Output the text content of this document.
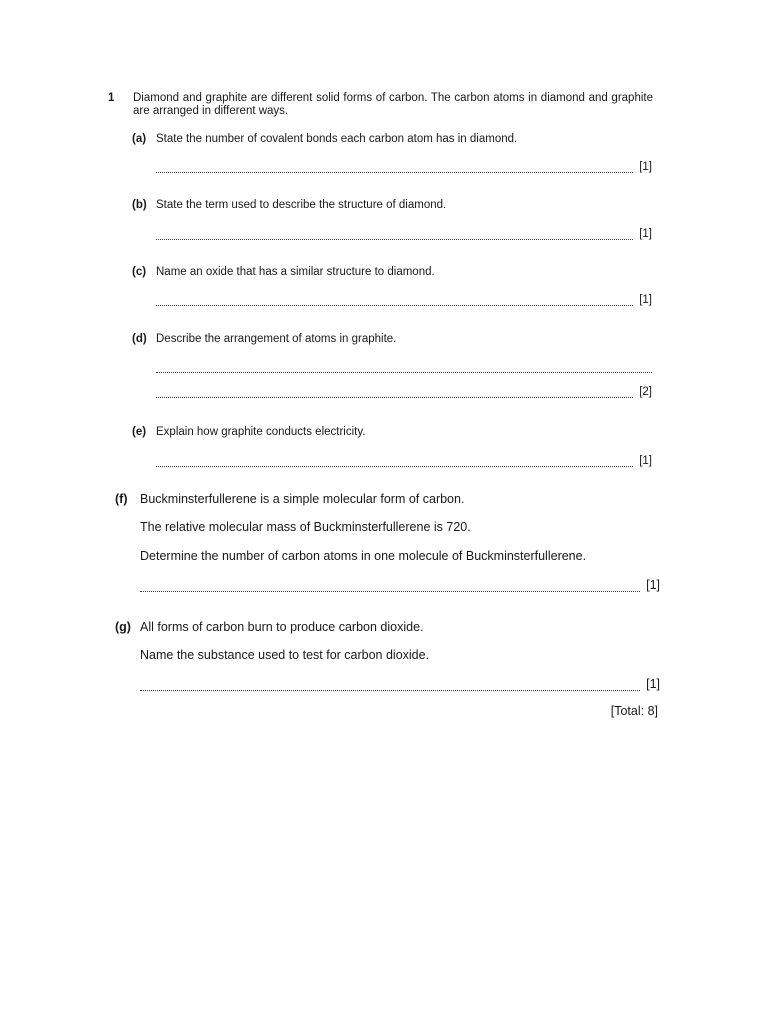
1 Diamond and graphite are different solid forms of carbon. The carbon atoms in diamond and graphite are arranged in different ways.
(a) State the number of covalent bonds each carbon atom has in diamond.
[1]
(b) State the term used to describe the structure of diamond.
[1]
(c) Name an oxide that has a similar structure to diamond.
[1]
(d) Describe the arrangement of atoms in graphite.
[2]
(e) Explain how graphite conducts electricity.
[1]
(f) Buckminsterfullerene is a simple molecular form of carbon.
The relative molecular mass of Buckminsterfullerene is 720.
Determine the number of carbon atoms in one molecule of Buckminsterfullerene.
[1]
(g) All forms of carbon burn to produce carbon dioxide.
Name the substance used to test for carbon dioxide.
[1]
[Total: 8]
